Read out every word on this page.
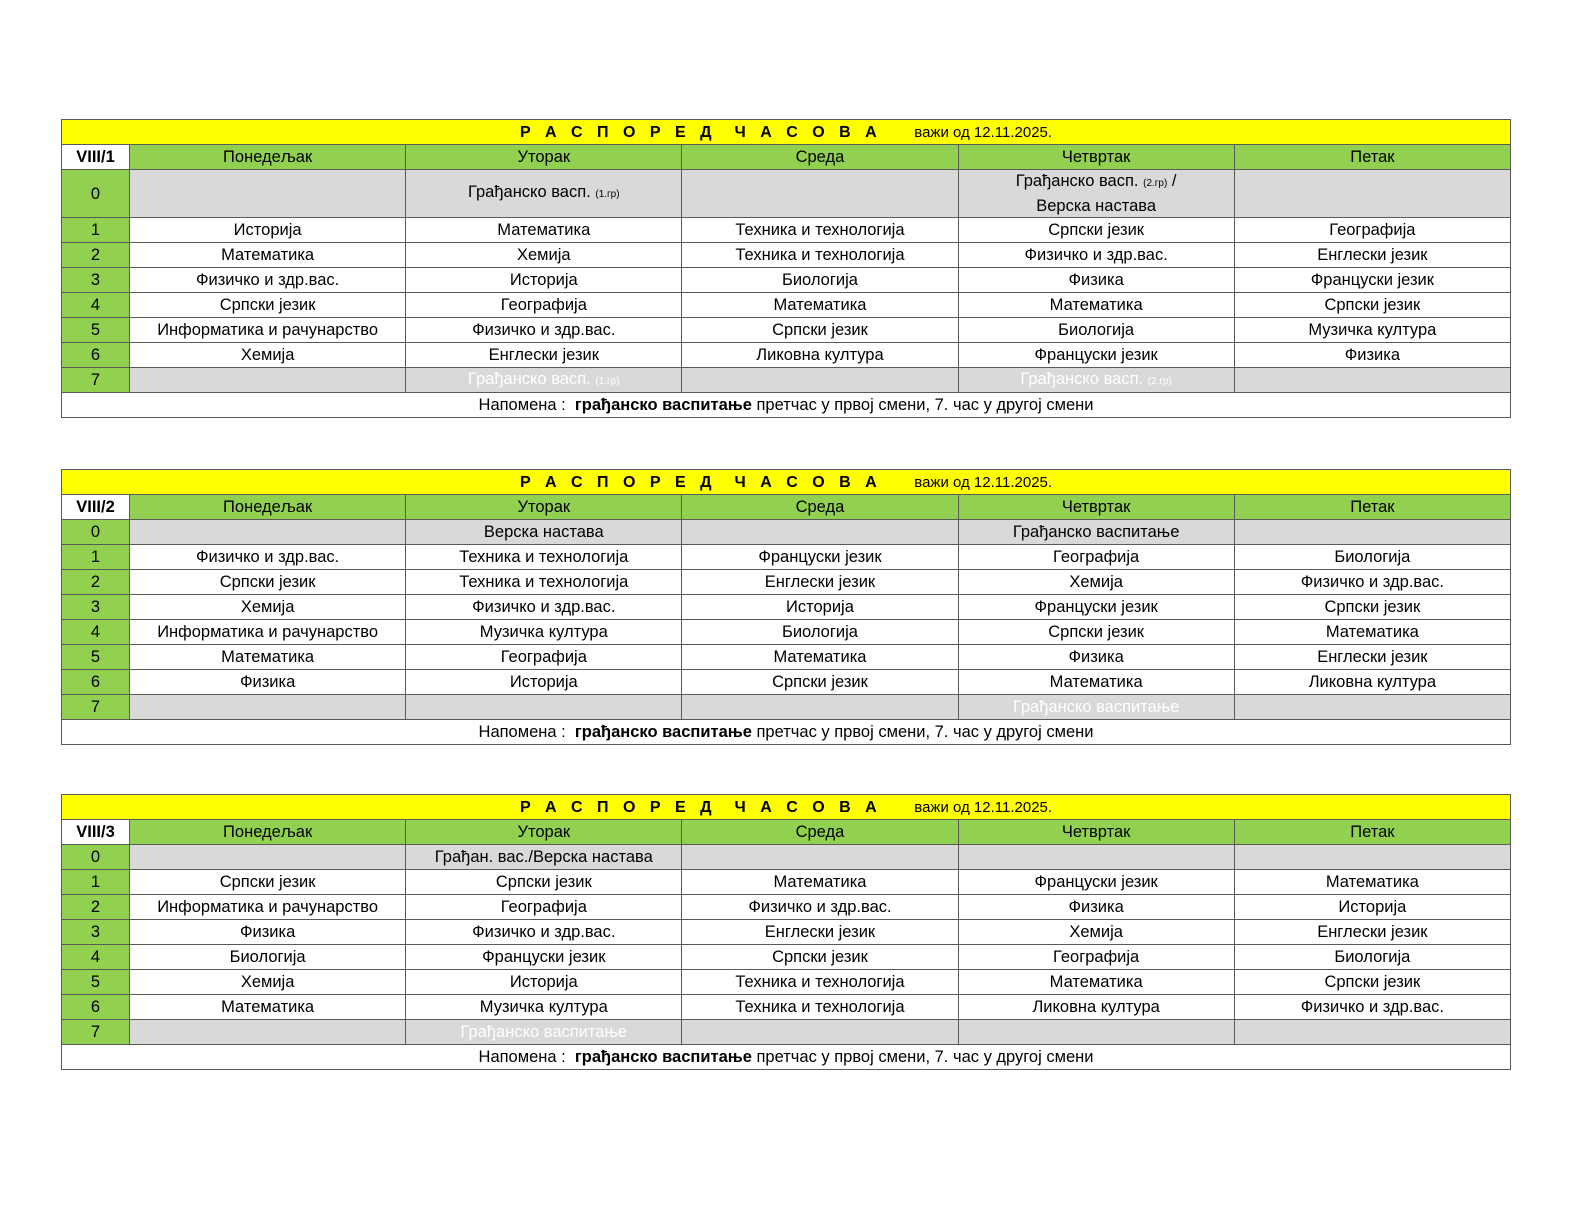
Р А С П О Р Е Д Ч А С О В А важи од 12.11.2025.					
VIII/1	Понедељак	Уторак	Среда	Четвртак	Петак
0		Грађанско васп. (1.гр)		Грађанско васп. (2.гр) /
Верска настава	
1	Историја	Математика	Техника и технологија	Српски језик	Географија
2	Математика	Хемија	Техника и технологија	Физичко и здр.вас.	Енглески језик
3	Физичко и здр.вас.	Историја	Биологија	Физика	Француски језик
4	Српски језик	Географија	Математика	Математика	Српски језик
5	Информатика и рачунарство	Физичко и здр.вас.	Српски језик	Биологија	Музичка култура
6	Хемија	Енглески језик	Ликовна култура	Француски језик	Физика
7		Грађанско васп. (1.гр)		Грађанско васп. (2.гр)	
Напомена : грађанско васпитање претчас у првој смени, 7. час у другој смени					
Р А С П О Р Е Д Ч А С О В А важи од 12.11.2025.					
VIII/2	Понедељак	Уторак	Среда	Четвртак	Петак
0		Верска настава		Грађанско васпитање	
1	Физичко и здр.вас.	Техника и технологија	Француски језик	Географија	Биологија
2	Српски језик	Техника и технологија	Енглески језик	Хемија	Физичко и здр.вас.
3	Хемија	Физичко и здр.вас.	Историја	Француски језик	Српски језик
4	Информатика и рачунарство	Музичка култура	Биологија	Српски језик	Математика
5	Математика	Географија	Математика	Физика	Енглески језик
6	Физика	Историја	Српски језик	Математика	Ликовна култура
7				Грађанско васпитање	
Напомена : грађанско васпитање претчас у првој смени, 7. час у другој смени					
Р А С П О Р Е Д Ч А С О В А важи од 12.11.2025.					
VIII/3	Понедељак	Уторак	Среда	Четвртак	Петак
0		Грађан. вас./Верска настава			
1	Српски језик	Српски језик	Математика	Француски језик	Математика
2	Информатика и рачунарство	Географија	Физичко и здр.вас.	Физика	Историја
3	Физика	Физичко и здр.вас.	Енглески језик	Хемија	Енглески језик
4	Биологија	Француски језик	Српски језик	Географија	Биологија
5	Хемија	Историја	Техника и технологија	Математика	Српски језик
6	Математика	Музичка култура	Техника и технологија	Ликовна култура	Физичко и здр.вас.
7		Грађанско васпитање			
Напомена : грађанско васпитање претчас у првој смени, 7. час у другој смени					
